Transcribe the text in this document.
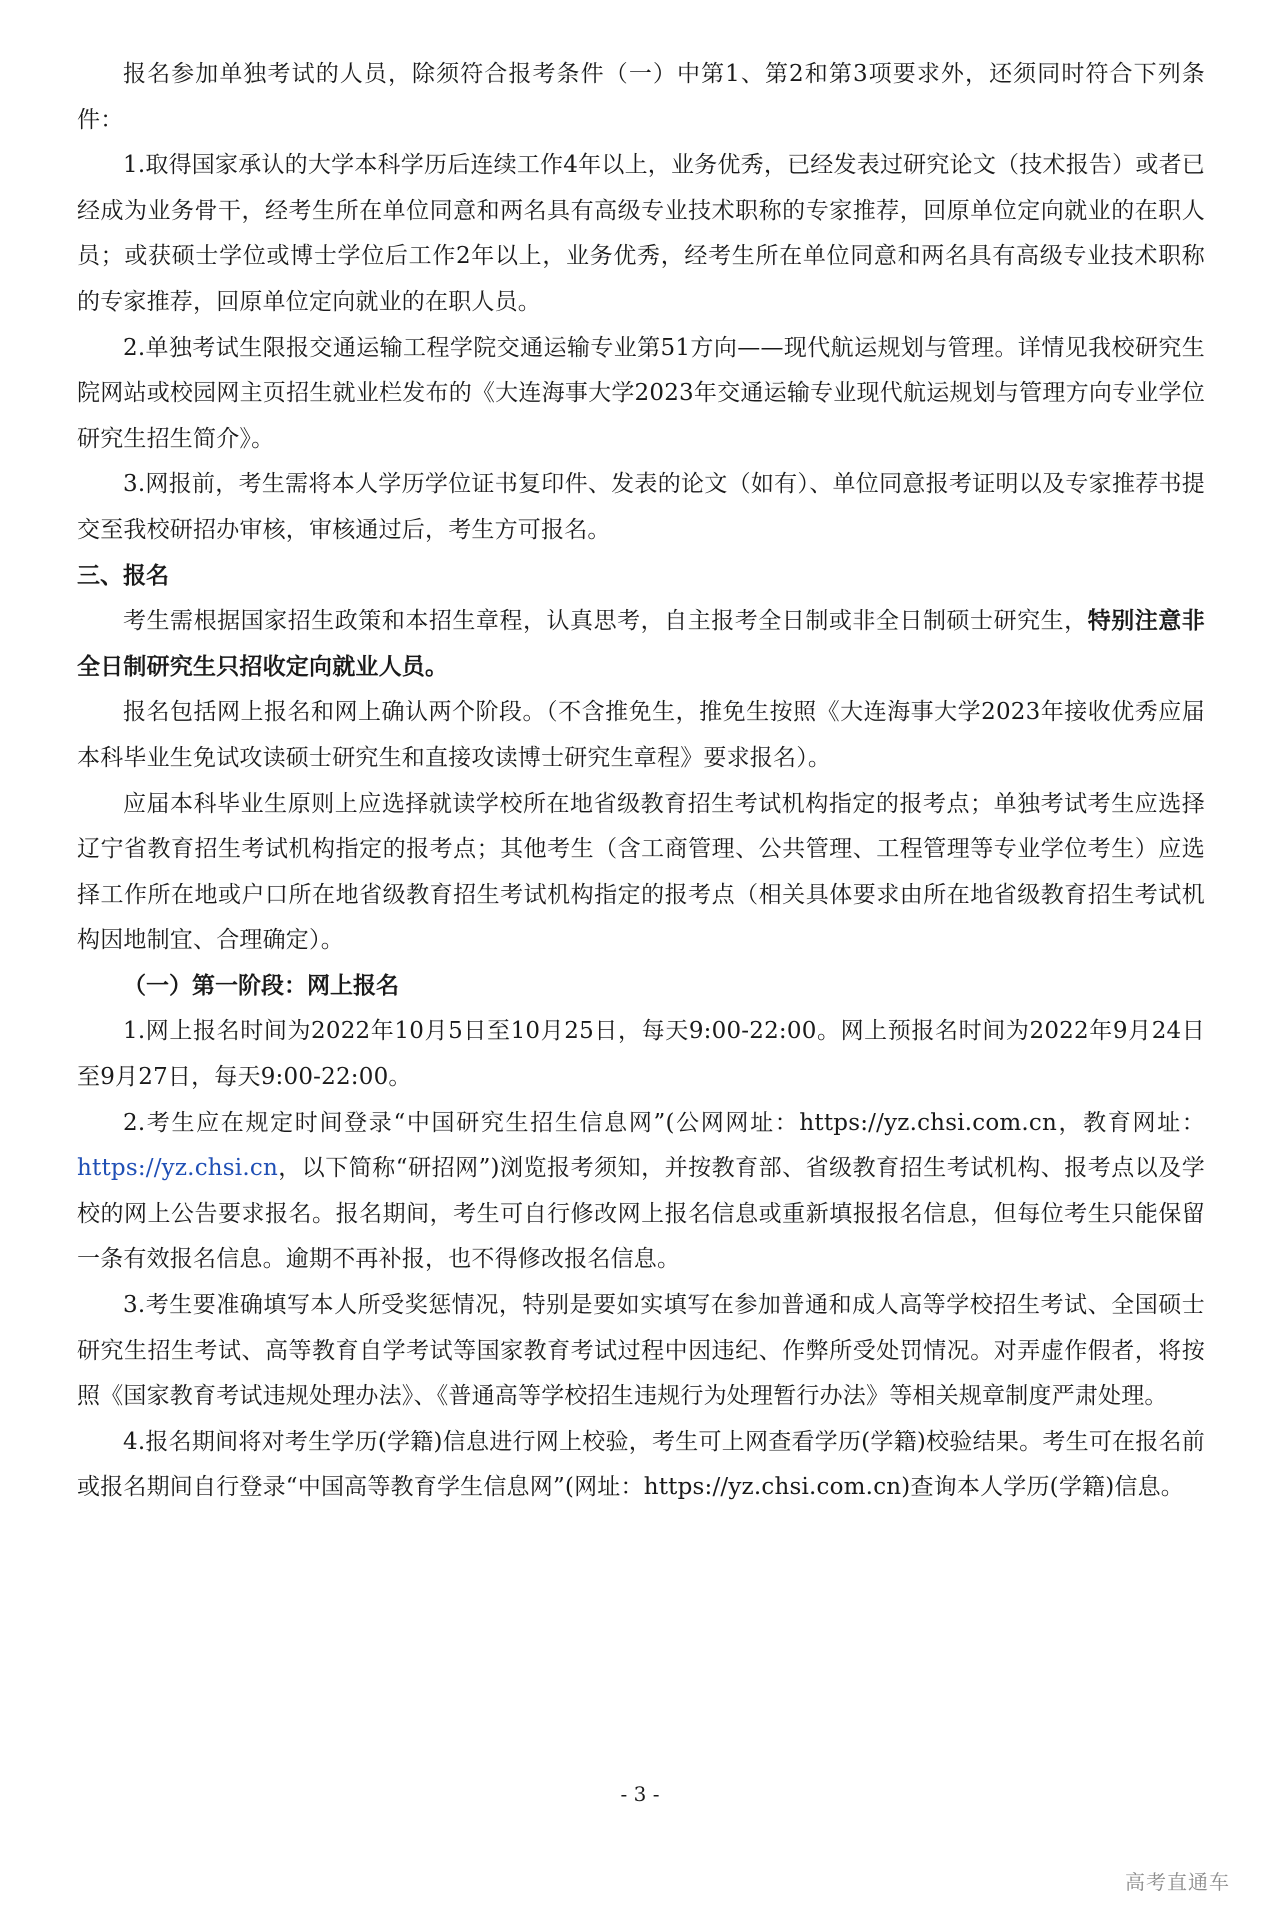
报名参加单独考试的人员，除须符合报考条件（一）中第1、第2和第3项要求外，还须同时符合下列条件：

1.取得国家承认的大学本科学历后连续工作4年以上，业务优秀，已经发表过研究论文（技术报告）或者已经成为业务骨干，经考生所在单位同意和两名具有高级专业技术职称的专家推荐，回原单位定向就业的在职人员；或获硕士学位或博士学位后工作2年以上，业务优秀，经考生所在单位同意和两名具有高级专业技术职称的专家推荐，回原单位定向就业的在职人员。

2.单独考试生限报交通运输工程学院交通运输专业第51方向——现代航运规划与管理。详情见我校研究生院网站或校园网主页招生就业栏发布的《大连海事大学2023年交通运输专业现代航运规划与管理方向专业学位研究生招生简介》。

3.网报前，考生需将本人学历学位证书复印件、发表的论文（如有）、单位同意报考证明以及专家推荐书提交至我校研招办审核，审核通过后，考生方可报名。

三、报名

考生需根据国家招生政策和本招生章程，认真思考，自主报考全日制或非全日制硕士研究生，特别注意非全日制研究生只招收定向就业人员。

报名包括网上报名和网上确认两个阶段。（不含推免生，推免生按照《大连海事大学2023年接收优秀应届本科毕业生免试攻读硕士研究生和直接攻读博士研究生章程》要求报名）。

应届本科毕业生原则上应选择就读学校所在地省级教育招生考试机构指定的报考点；单独考试考生应选择辽宁省教育招生考试机构指定的报考点；其他考生（含工商管理、公共管理、工程管理等专业学位考生）应选择工作所在地或户口所在地省级教育招生考试机构指定的报考点（相关具体要求由所在地省级教育招生考试机构因地制宜、合理确定）。

（一）第一阶段：网上报名

1.网上报名时间为2022年10月5日至10月25日，每天9:00-22:00。网上预报名时间为2022年9月24日至9月27日，每天9:00-22:00。

2.考生应在规定时间登录“中国研究生招生信息网”(公网网址：https://yz.chsi.com.cn，教育网址：https://yz.chsi.cn，以下简称“研招网”)浏览报考须知，并按教育部、省级教育招生考试机构、报考点以及学校的网上公告要求报名。报名期间，考生可自行修改网上报名信息或重新填报报名信息，但每位考生只能保留一条有效报名信息。逾期不再补报，也不得修改报名信息。

3.考生要准确填写本人所受奖惩情况，特别是要如实填写在参加普通和成人高等学校招生考试、全国硕士研究生招生考试、高等教育自学考试等国家教育考试过程中因违纪、作弊所受处罚情况。对弄虚作假者，将按照《国家教育考试违规处理办法》、《普通高等学校招生违规行为处理暂行办法》等相关规章制度严肃处理。

4.报名期间将对考生学历(学籍)信息进行网上校验，考生可上网查看学历(学籍)校验结果。考生可在报名前或报名期间自行登录“中国高等教育学生信息网”(网址：https://yz.chsi.com.cn)查询本人学历(学籍)信息。

- 3 -
高考直通车
